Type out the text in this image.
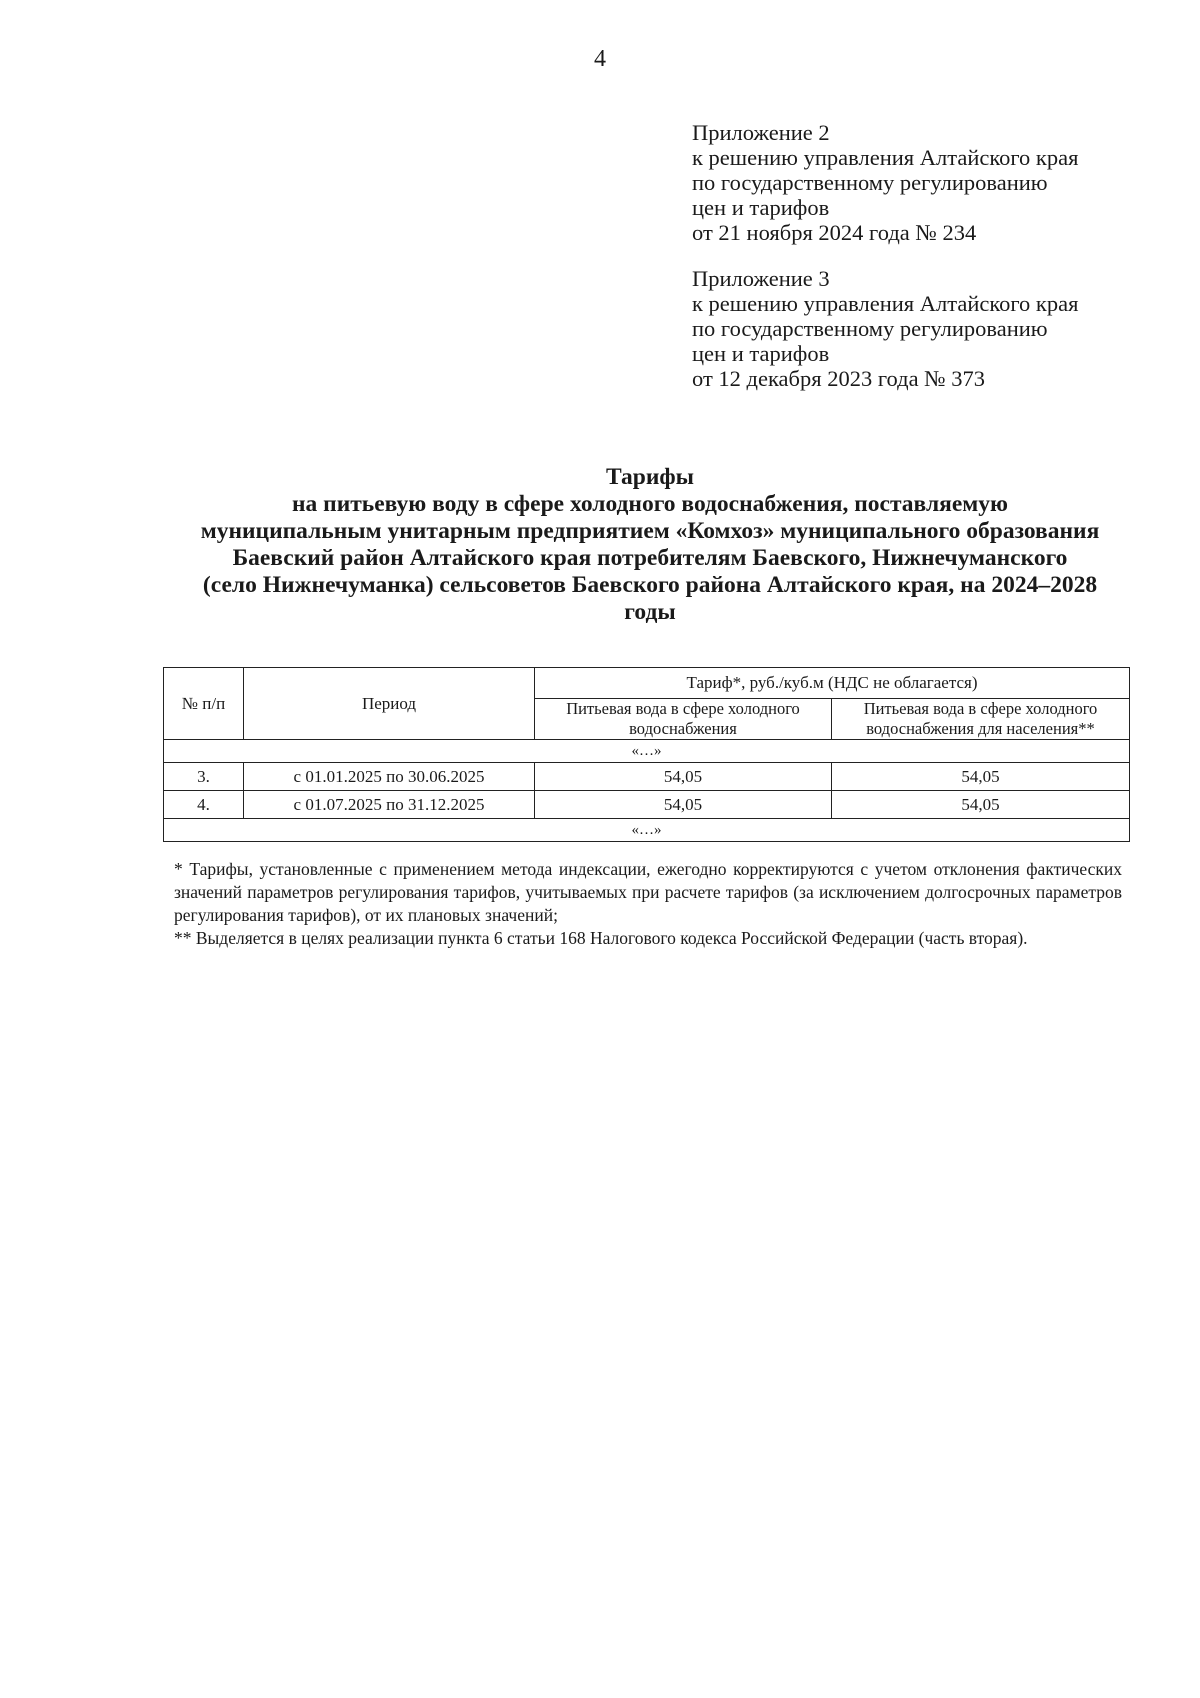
4
Приложение 2
к решению управления Алтайского края
по государственному регулированию
цен и тарифов
от 21 ноября 2024 года № 234
Приложение 3
к решению управления Алтайского края
по государственному регулированию
цен и тарифов
от 12 декабря 2023 года № 373
Тарифы
на питьевую воду в сфере холодного водоснабжения, поставляемую
муниципальным унитарным предприятием «Комхоз» муниципального образования
Баевский район Алтайского края потребителям Баевского, Нижнечуманского
(село Нижнечуманка) сельсоветов Баевского района Алтайского края, на 2024–2028
годы
№ п/п	Период	Тариф*, руб./куб.м (НДС не облагается)	
		Питьевая вода в сфере холодного водоснабжения	Питьевая вода в сфере холодного водоснабжения для населения**
«…»			
3.	с 01.01.2025 по 30.06.2025	54,05	54,05
4.	с 01.07.2025 по 31.12.2025	54,05	54,05
«…»			

* Тарифы, установленные с применением метода индексации, ежегодно корректируются с учетом отклонения фактических значений параметров регулирования тарифов, учитываемых при расчете тарифов (за исключением долгосрочных параметров регулирования тарифов), от их плановых значений;

** Выделяется в целях реализации пункта 6 статьи 168 Налогового кодекса Российской Федерации (часть вторая).
